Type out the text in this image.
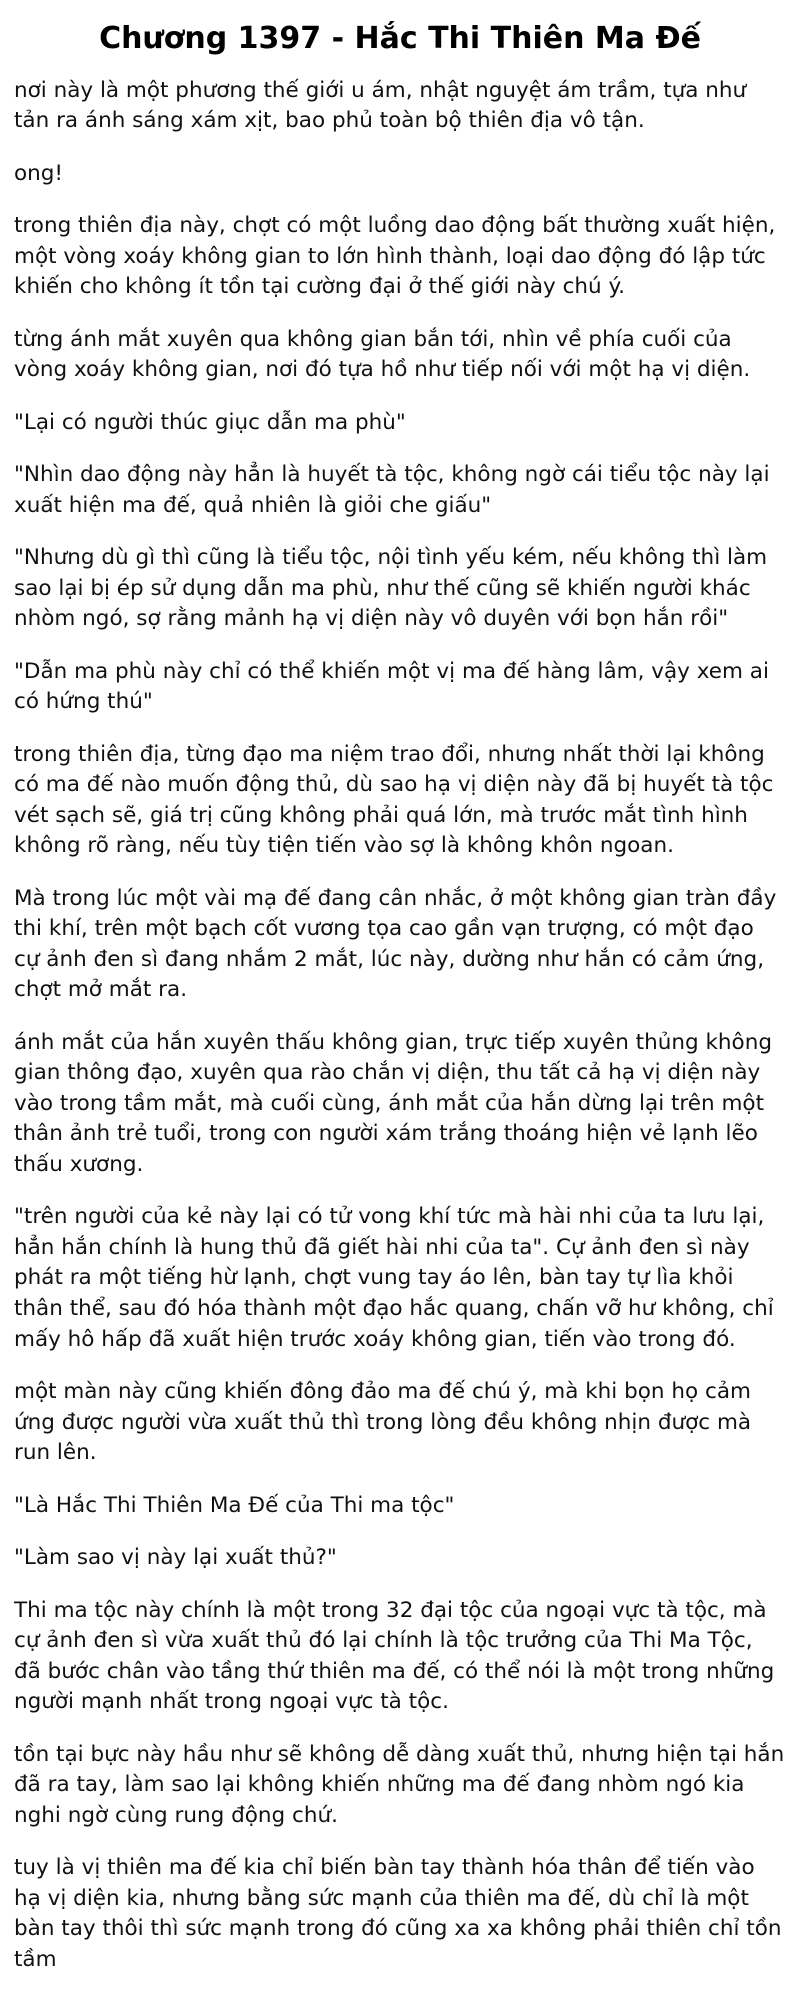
Chương 1397 - Hắc Thi Thiên Ma Đế

nơi này là một phương thế giới u ám, nhật nguyệt ám trầm, tựa như tản ra ánh sáng xám xịt, bao phủ toàn bộ thiên địa vô tận.

ong!

trong thiên địa này, chợt có một luồng dao động bất thường xuất hiện, một vòng xoáy không gian to lớn hình thành, loại dao động đó lập tức khiến cho không ít tồn tại cường đại ở thế giới này chú ý.

từng ánh mắt xuyên qua không gian bắn tới, nhìn về phía cuối của vòng xoáy không gian, nơi đó tựa hồ như tiếp nối với một hạ vị diện.

"Lại có người thúc giục dẫn ma phù"

"Nhìn dao động này hẳn là huyết tà tộc, không ngờ cái tiểu tộc này lại xuất hiện ma đế, quả nhiên là giỏi che giấu"

"Nhưng dù gì thì cũng là tiểu tộc, nội tình yếu kém, nếu không thì làm sao lại bị ép sử dụng dẫn ma phù, như thế cũng sẽ khiến người khác nhòm ngó, sợ rằng mảnh hạ vị diện này vô duyên với bọn hắn rồi"

"Dẫn ma phù này chỉ có thể khiến một vị ma đế hàng lâm, vậy xem ai có hứng thú"

trong thiên địa, từng đạo ma niệm trao đổi, nhưng nhất thời lại không có ma đế nào muốn động thủ, dù sao hạ vị diện này đã bị huyết tà tộc vét sạch sẽ, giá trị cũng không phải quá lớn, mà trước mắt tình hình không rõ ràng, nếu tùy tiện tiến vào sợ là không khôn ngoan.

Mà trong lúc một vài mạ đế đang cân nhắc, ở một không gian tràn đầy thi khí, trên một bạch cốt vương tọa cao gần vạn trượng, có một đạo cự ảnh đen sì đang nhắm 2 mắt, lúc này, dường như hắn có cảm ứng, chợt mở mắt ra.

ánh mắt của hắn xuyên thấu không gian, trực tiếp xuyên thủng không gian thông đạo, xuyên qua rào chắn vị diện, thu tất cả hạ vị diện này vào trong tầm mắt, mà cuối cùng, ánh mắt của hắn dừng lại trên một thân ảnh trẻ tuổi, trong con người xám trắng thoáng hiện vẻ lạnh lẽo thấu xương.

"trên người của kẻ này lại có tử vong khí tức mà hài nhi của ta lưu lại, hẳn hắn chính là hung thủ đã giết hài nhi của ta". Cự ảnh đen sì này phát ra một tiếng hừ lạnh, chợt vung tay áo lên, bàn tay tự lìa khỏi thân thể, sau đó hóa thành một đạo hắc quang, chấn vỡ hư không, chỉ mấy hô hấp đã xuất hiện trước xoáy không gian, tiến vào trong đó.

một màn này cũng khiến đông đảo ma đế chú ý, mà khi bọn họ cảm ứng được người vừa xuất thủ thì trong lòng đều không nhịn được mà run lên.

"Là Hắc Thi Thiên Ma Đế của Thi ma tộc"

"Làm sao vị này lại xuất thủ?"

Thi ma tộc này chính là một trong 32 đại tộc của ngoại vực tà tộc, mà cự ảnh đen sì vừa xuất thủ đó lại chính là tộc trưởng của Thi Ma Tộc, đã bước chân vào tầng thứ thiên ma đế, có thể nói là một trong những người mạnh nhất trong ngoại vực tà tộc.

tồn tại bực này hầu như sẽ không dễ dàng xuất thủ, nhưng hiện tại hắn đã ra tay, làm sao lại không khiến những ma đế đang nhòm ngó kia nghi ngờ cùng rung động chứ.

tuy là vị thiên ma đế kia chỉ biến bàn tay thành hóa thân để tiến vào hạ vị diện kia, nhưng bằng sức mạnh của thiên ma đế, dù chỉ là một bàn tay thôi thì sức mạnh trong đó cũng xa xa không phải thiên chỉ tồn tầm
